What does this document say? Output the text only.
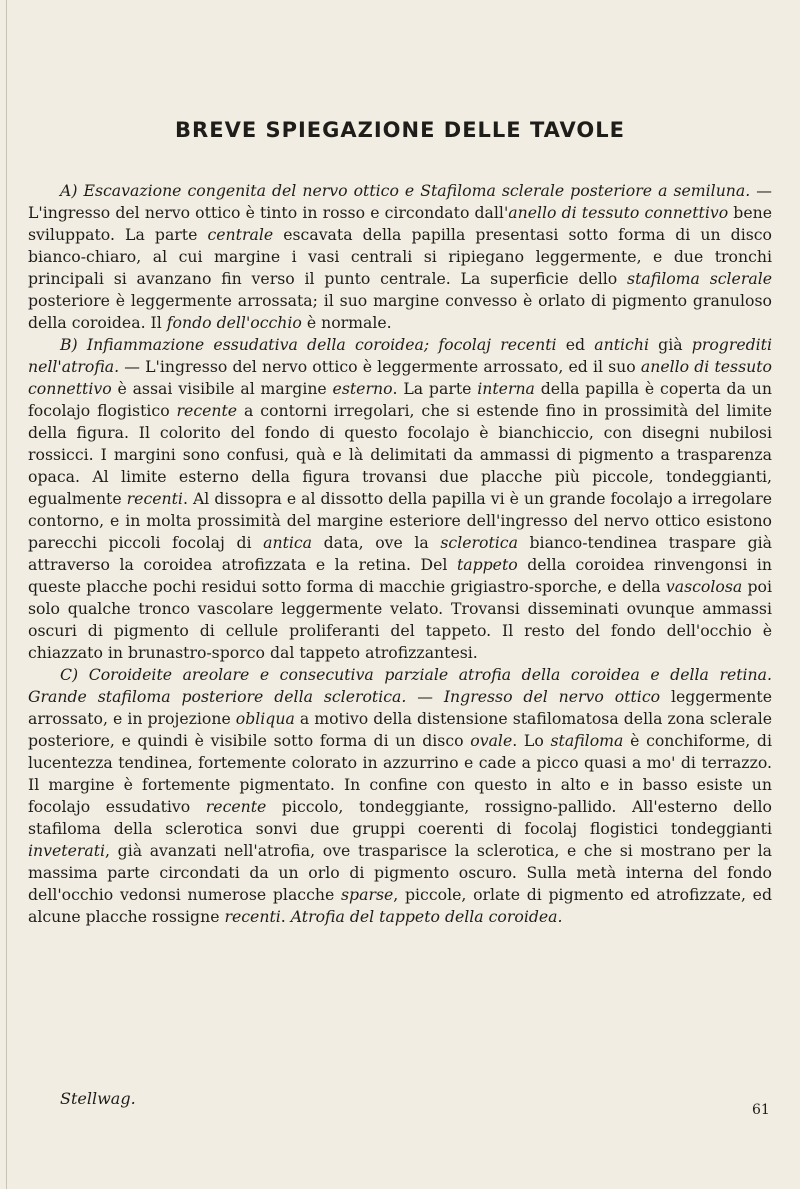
BREVE SPIEGAZIONE DELLE TAVOLE

A) Escavazione congenita del nervo ottico e Stafiloma sclerale posteriore a semiluna. — L'ingresso del nervo ottico è tinto in rosso e circondato dall'anello di tessuto connettivo bene sviluppato. La parte centrale escavata della papilla presentasi sotto forma di un disco bianco-chiaro, al cui margine i vasi centrali si ripiegano leggermente, e due tronchi principali si avanzano fin verso il punto centrale. La superficie dello stafiloma sclerale posteriore è leggermente arrossata; il suo margine convesso è orlato di pigmento granuloso della coroidea. Il fondo dell'occhio è normale.

B) Infiammazione essudativa della coroidea; focolaj recenti ed antichi già progrediti nell'atrofia. — L'ingresso del nervo ottico è leggermente arrossato, ed il suo anello di tessuto connettivo è assai visibile al margine esterno. La parte interna della papilla è coperta da un focolajo flogistico recente a contorni irregolari, che si estende fino in prossimità del limite della figura. Il colorito del fondo di questo focolajo è bianchiccio, con disegni nubilosi rossicci. I margini sono confusi, quà e là delimitati da ammassi di pigmento a trasparenza opaca. Al limite esterno della figura trovansi due placche più piccole, tondeggianti, egualmente recenti. Al dissopra e al dissotto della papilla vi è un grande focolajo a irregolare contorno, e in molta prossimità del margine esteriore dell'ingresso del nervo ottico esistono parecchi piccoli focolaj di antica data, ove la sclerotica bianco-tendinea traspare già attraverso la coroidea atrofizzata e la retina. Del tappeto della coroidea rinvengonsi in queste placche pochi residui sotto forma di macchie grigiastro-sporche, e della vascolosa poi solo qualche tronco vascolare leggermente velato. Trovansi disseminati ovunque ammassi oscuri di pigmento di cellule proliferanti del tappeto. Il resto del fondo dell'occhio è chiazzato in brunastro-sporco dal tappeto atrofizzantesi.

C) Coroideite areolare e consecutiva parziale atrofia della coroidea e della retina. Grande stafiloma posteriore della sclerotica. — Ingresso del nervo ottico leggermente arrossato, e in projezione obliqua a motivo della distensione stafilomatosa della zona sclerale posteriore, e quindi è visibile sotto forma di un disco ovale. Lo stafiloma è conchiforme, di lucentezza tendinea, fortemente colorato in azzurrino e cade a picco quasi a mo' di terrazzo. Il margine è fortemente pigmentato. In confine con questo in alto e in basso esiste un focolajo essudativo recente piccolo, tondeggiante, rossigno-pallido. All'esterno dello stafiloma della sclerotica sonvi due gruppi coerenti di focolaj flogistici tondeggianti inveterati, già avanzati nell'atrofia, ove trasparisce la sclerotica, e che si mostrano per la massima parte circondati da un orlo di pigmento oscuro. Sulla metà interna del fondo dell'occhio vedonsi numerose placche sparse, piccole, orlate di pigmento ed atrofizzate, ed alcune placche rossigne recenti. Atrofia del tappeto della coroidea.

Stellwag.
61
